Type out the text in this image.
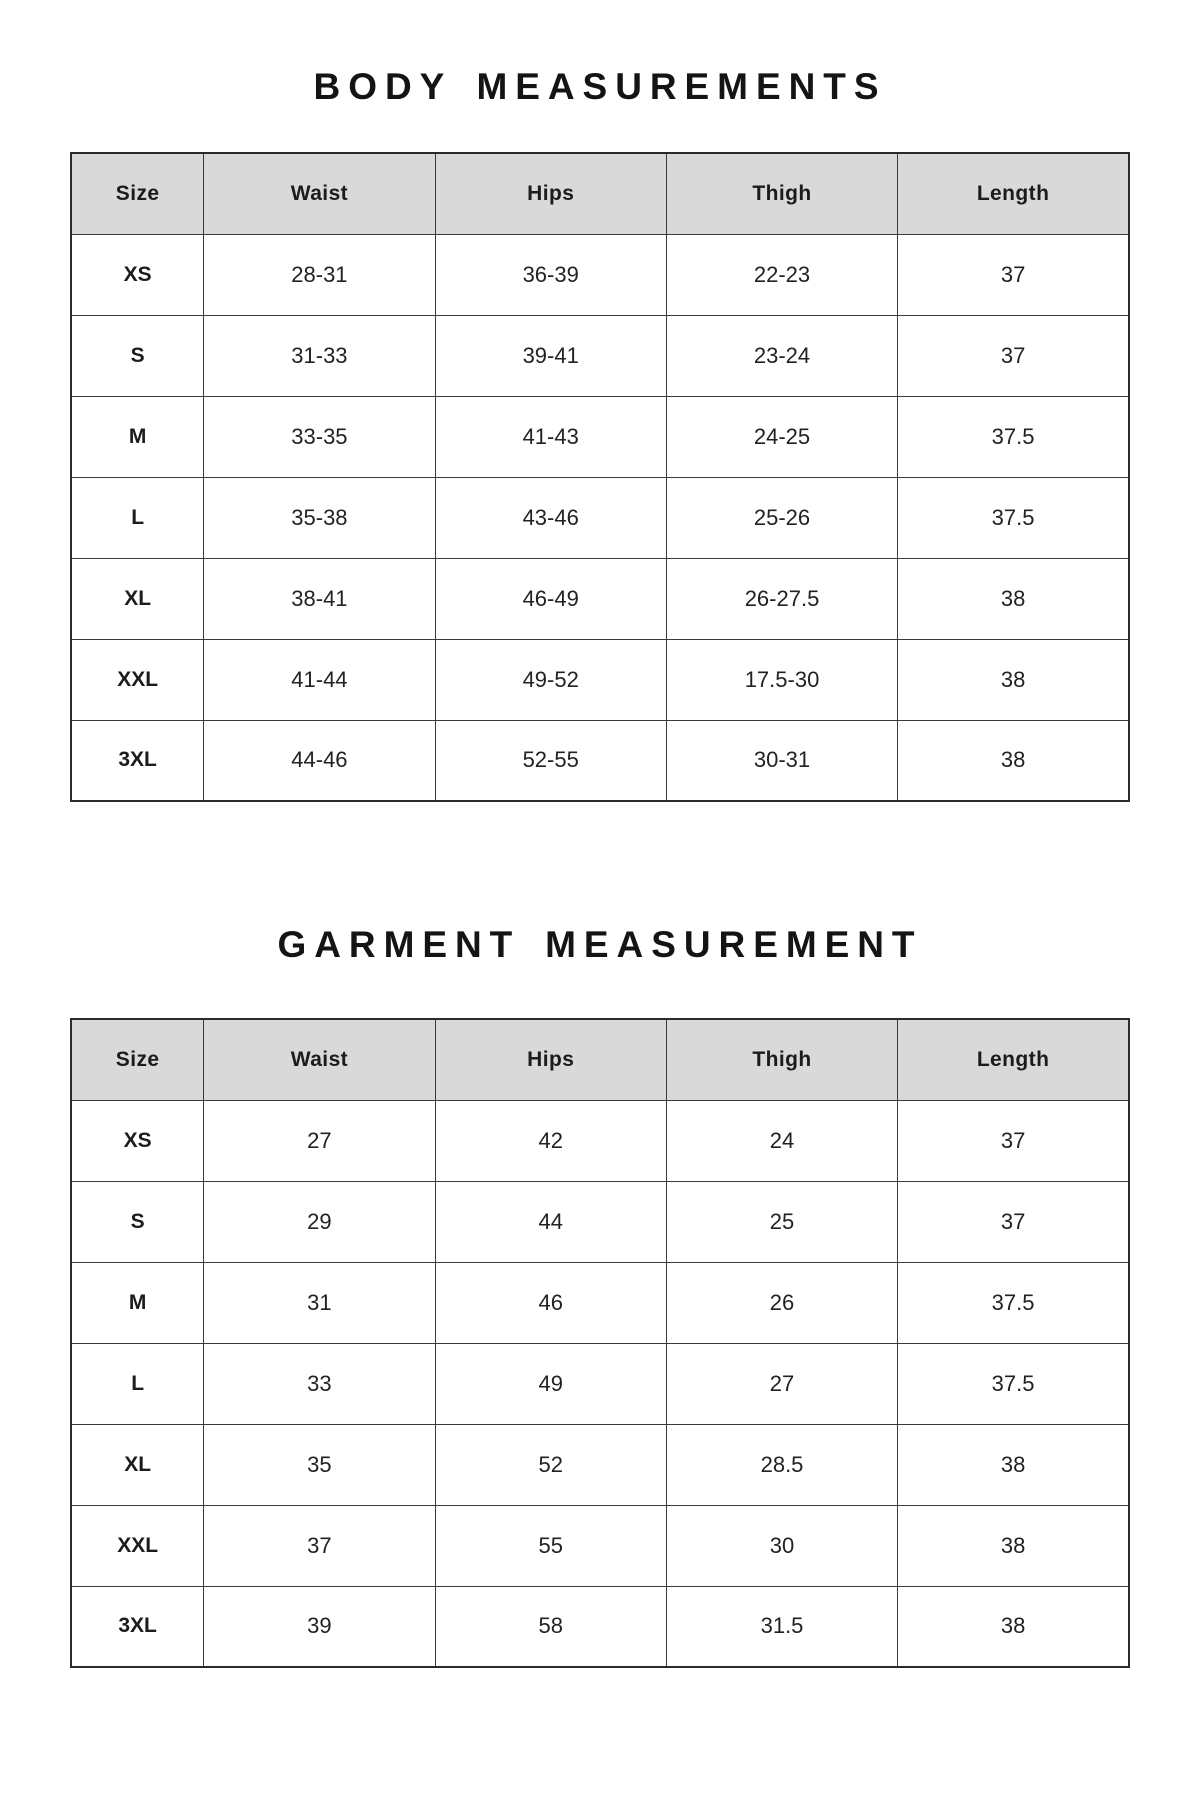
BODY MEASUREMENTS
Size	Waist	Hips	Thigh	Length
XS	28-31	36-39	22-23	37
S	31-33	39-41	23-24	37
M	33-35	41-43	24-25	37.5
L	35-38	43-46	25-26	37.5
XL	38-41	46-49	26-27.5	38
XXL	41-44	49-52	17.5-30	38
3XL	44-46	52-55	30-31	38
GARMENT MEASUREMENT
Size	Waist	Hips	Thigh	Length
XS	27	42	24	37
S	29	44	25	37
M	31	46	26	37.5
L	33	49	27	37.5
XL	35	52	28.5	38
XXL	37	55	30	38
3XL	39	58	31.5	38
